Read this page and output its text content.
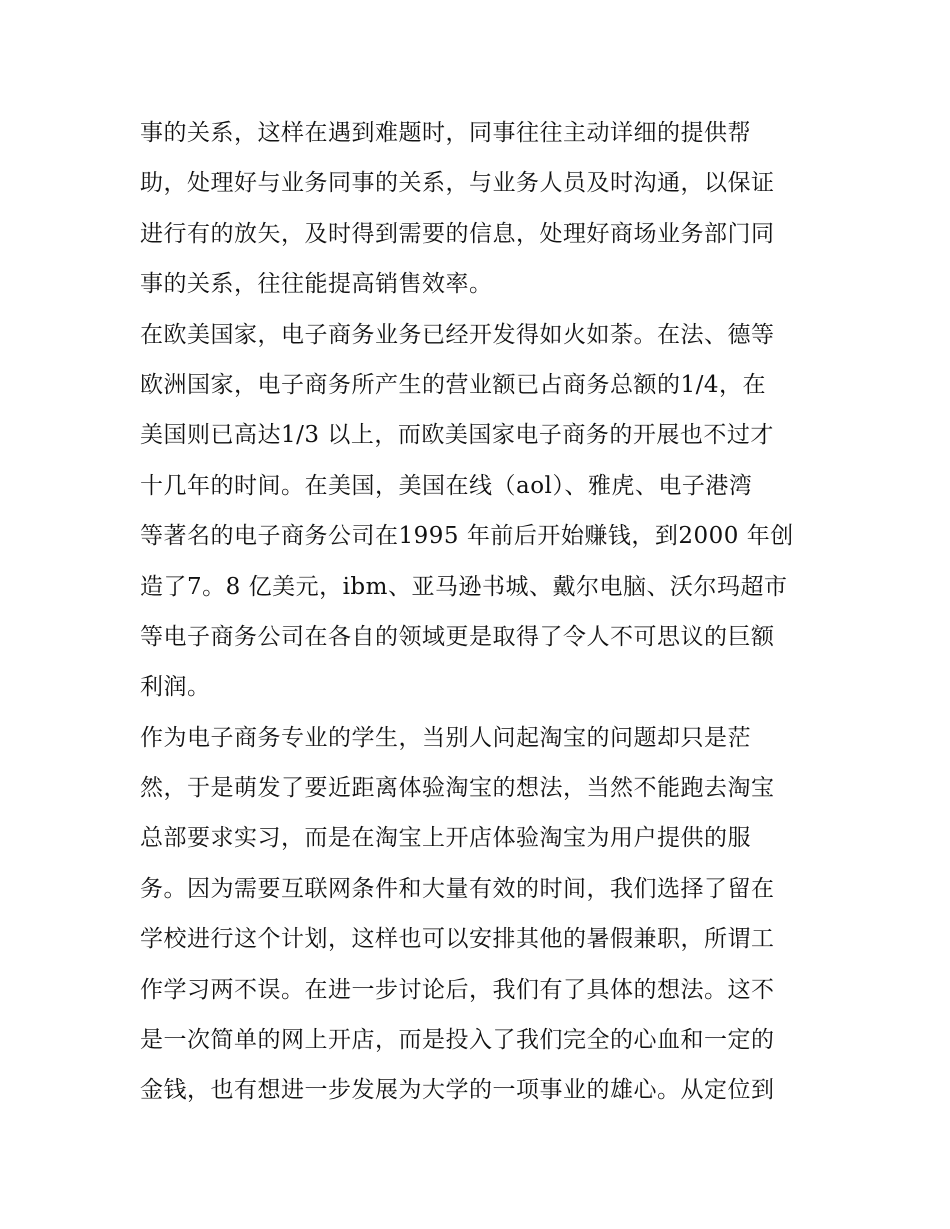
事的关系，这样在遇到难题时，同事往往主动详细的提供帮
助，处理好与业务同事的关系，与业务人员及时沟通，以保证
进行有的放矢，及时得到需要的信息，处理好商场业务部门同
事的关系，往往能提高销售效率。
在欧美国家，电子商务业务已经开发得如火如荼。在法、德等
欧洲国家，电子商务所产生的营业额已占商务总额的1/4，在
美国则已高达1/3 以上，而欧美国家电子商务的开展也不过才
十几年的时间。在美国，美国在线（aol）、雅虎、电子港湾
等著名的电子商务公司在1995 年前后开始赚钱，到2000 年创
造了7。8 亿美元，ibm、亚马逊书城、戴尔电脑、沃尔玛超市
等电子商务公司在各自的领域更是取得了令人不可思议的巨额
利润。
作为电子商务专业的学生，当别人问起淘宝的问题却只是茫
然，于是萌发了要近距离体验淘宝的想法，当然不能跑去淘宝
总部要求实习，而是在淘宝上开店体验淘宝为用户提供的服
务。因为需要互联网条件和大量有效的时间，我们选择了留在
学校进行这个计划，这样也可以安排其他的暑假兼职，所谓工
作学习两不误。在进一步讨论后，我们有了具体的想法。这不
是一次简单的网上开店，而是投入了我们完全的心血和一定的
金钱，也有想进一步发展为大学的一项事业的雄心。从定位到
